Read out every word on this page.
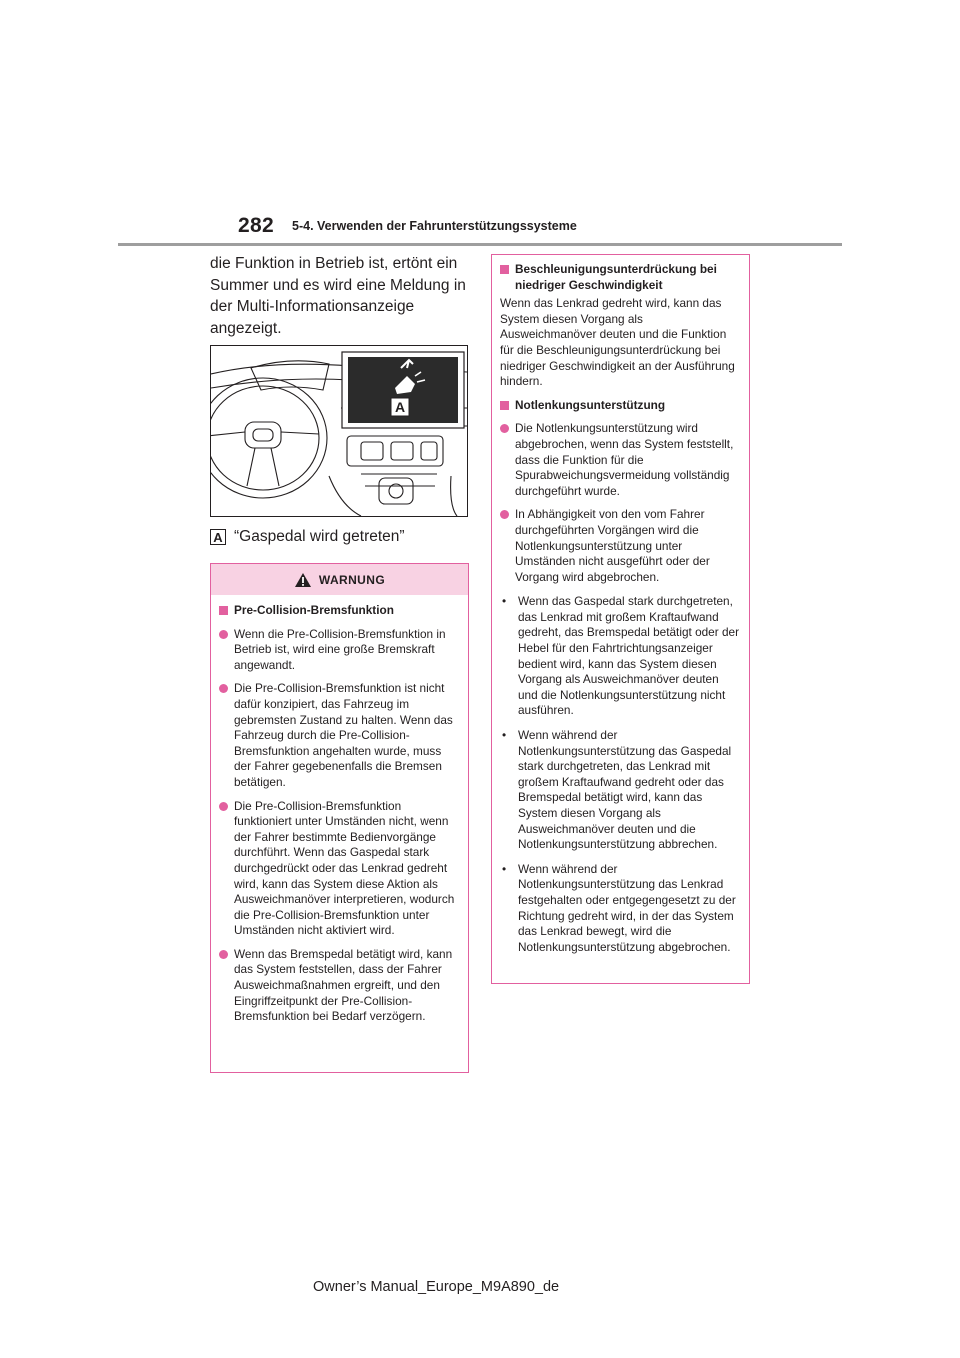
282 5-4. Verwenden der Fahrunterstützungssysteme

die Funktion in Betrieb ist, ertönt ein Summer und es wird eine Meldung in der Multi-Informationsanzeige angezeigt.

A
A “Gaspedal wird getreten”
WARNUNG
Pre-Collision-Bremsfunktion
Wenn die Pre-Collision-Bremsfunktion in Betrieb ist, wird eine große Bremskraft angewandt.
Die Pre-Collision-Bremsfunktion ist nicht dafür konzipiert, das Fahrzeug im gebremsten Zustand zu halten. Wenn das Fahrzeug durch die Pre-Collision-Bremsfunktion angehalten wurde, muss der Fahrer gegebenenfalls die Bremsen betätigen.
Die Pre-Collision-Bremsfunktion funktioniert unter Umständen nicht, wenn der Fahrer bestimmte Bedienvorgänge durchführt. Wenn das Gaspedal stark durchgedrückt oder das Lenkrad gedreht wird, kann das System diese Aktion als Ausweichmanöver interpretieren, wodurch die Pre-Collision-Bremsfunktion unter Umständen nicht aktiviert wird.
Wenn das Bremspedal betätigt wird, kann das System feststellen, dass der Fahrer Ausweichmaßnahmen ergreift, und den Eingriffzeitpunkt der Pre-Collision-Bremsfunktion bei Bedarf verzögern.
Beschleunigungsunterdrückung bei niedriger Geschwindigkeit
Wenn das Lenkrad gedreht wird, kann das System diesen Vorgang als Ausweichmanöver deuten und die Funktion für die Beschleunigungsunterdrückung bei niedriger Geschwindigkeit an der Ausführung hindern.
Notlenkungsunterstützung
Die Notlenkungsunterstützung wird abgebrochen, wenn das System feststellt, dass die Funktion für die Spurabweichungsvermeidung vollständig durchgeführt wurde.
In Abhängigkeit von den vom Fahrer durchgeführten Vorgängen wird die Notlenkungsunterstützung unter Umständen nicht ausgeführt oder der Vorgang wird abgebrochen.
•	Wenn das Gaspedal stark durchgetreten, das Lenkrad mit großem Kraftaufwand gedreht, das Bremspedal betätigt oder der Hebel für den Fahrtrichtungsanzeiger bedient wird, kann das System diesen Vorgang als Ausweichmanöver deuten und die Notlenkungsunterstützung nicht ausführen.
•	Wenn während der Notlenkungsunterstützung das Gaspedal stark durchgetreten, das Lenkrad mit großem Kraftaufwand gedreht oder das Bremspedal betätigt wird, kann das System diesen Vorgang als Ausweichmanöver deuten und die Notlenkungsunterstützung abbrechen.
•	Wenn während der Notlenkungsunterstützung das Lenkrad festgehalten oder entgegengesetzt zu der Richtung gedreht wird, in der das System das Lenkrad bewegt, wird die Notlenkungsunterstützung abgebrochen.
Owner’s Manual_Europe_M9A890_de
